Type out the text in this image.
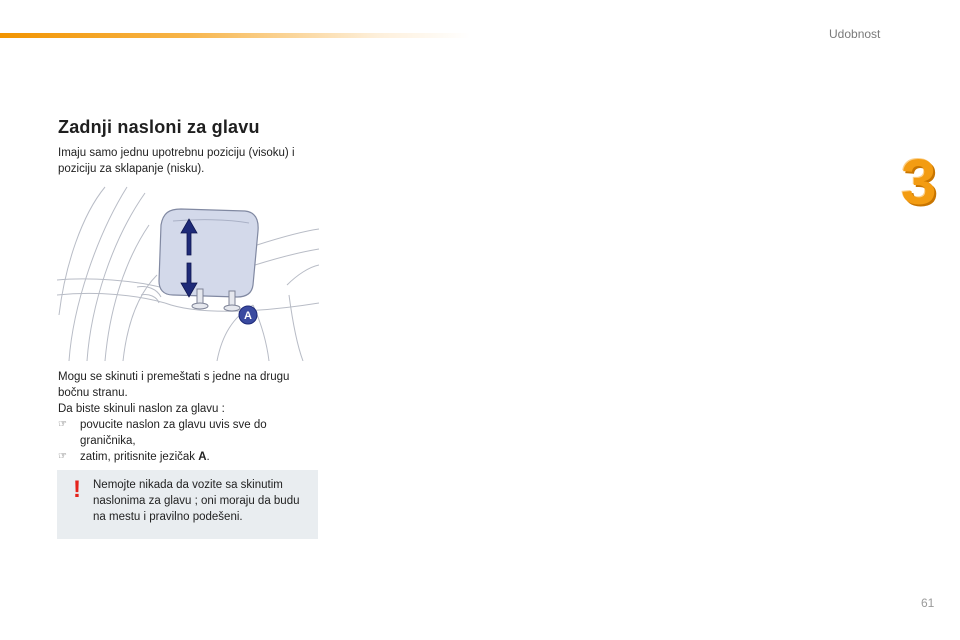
Udobnost
3
Zadnji nasloni za glavu
Imaju samo jednu upotrebnu poziciju (visoku) i poziciju za sklapanje (nisku).
A

Mogu se skinuti i premeštati s jedne na drugu bočnu stranu.

Da biste skinuli naslon za glavu :

☞ povucite naslon za glavu uvis sve do graničnika,
☞ zatim, pritisnite jezičak A.
! Nemojte nikada da vozite sa skinutim naslonima za glavu ; oni moraju da budu na mestu i pravilno podešeni.
61
